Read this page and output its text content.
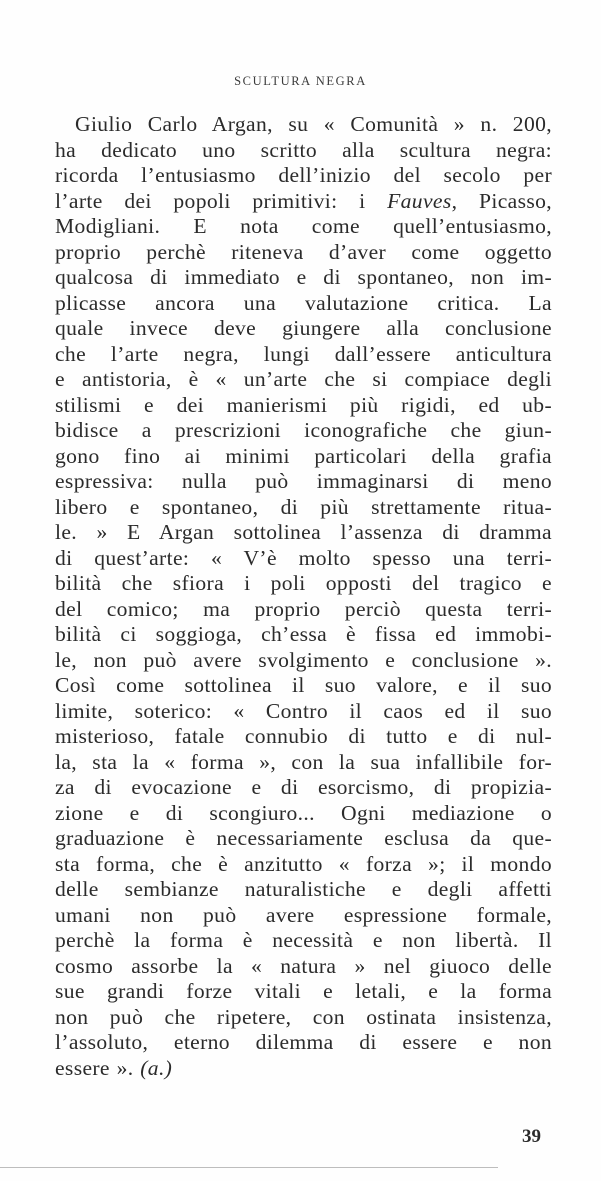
SCULTURA NEGRA
Giulio Carlo Argan, su « Comunità » n. 200,
ha dedicato uno scritto alla scultura negra:
ricorda l’entusiasmo dell’inizio del secolo per
l’arte dei popoli primitivi: i Fauves, Picasso,
Modigliani. E nota come quell’entusiasmo,
proprio perchè riteneva d’aver come oggetto
qualcosa di immediato e di spontaneo, non im-
plicasse ancora una valutazione critica. La
quale invece deve giungere alla conclusione
che l’arte negra, lungi dall’essere anticultura
e antistoria, è « un’arte che si compiace degli
stilismi e dei manierismi più rigidi, ed ub-
bidisce a prescrizioni iconografiche che giun-
gono fino ai minimi particolari della grafia
espressiva: nulla può immaginarsi di meno
libero e spontaneo, di più strettamente ritua-
le. » E Argan sottolinea l’assenza di dramma
di quest’arte: « V’è molto spesso una terri-
bilità che sfiora i poli opposti del tragico e
del comico; ma proprio perciò questa terri-
bilità ci soggioga, ch’essa è fissa ed immobi-
le, non può avere svolgimento e conclusione ».
Così come sottolinea il suo valore, e il suo
limite, soterico: « Contro il caos ed il suo
misterioso, fatale connubio di tutto e di nul-
la, sta la « forma », con la sua infallibile for-
za di evocazione e di esorcismo, di propizia-
zione e di scongiuro... Ogni mediazione o
graduazione è necessariamente esclusa da que-
sta forma, che è anzitutto « forza »; il mondo
delle sembianze naturalistiche e degli affetti
umani non può avere espressione formale,
perchè la forma è necessità e non libertà. Il
cosmo assorbe la « natura » nel giuoco delle
sue grandi forze vitali e letali, e la forma
non può che ripetere, con ostinata insistenza,
l’assoluto, eterno dilemma di essere e non
essere ». (a.)
39
